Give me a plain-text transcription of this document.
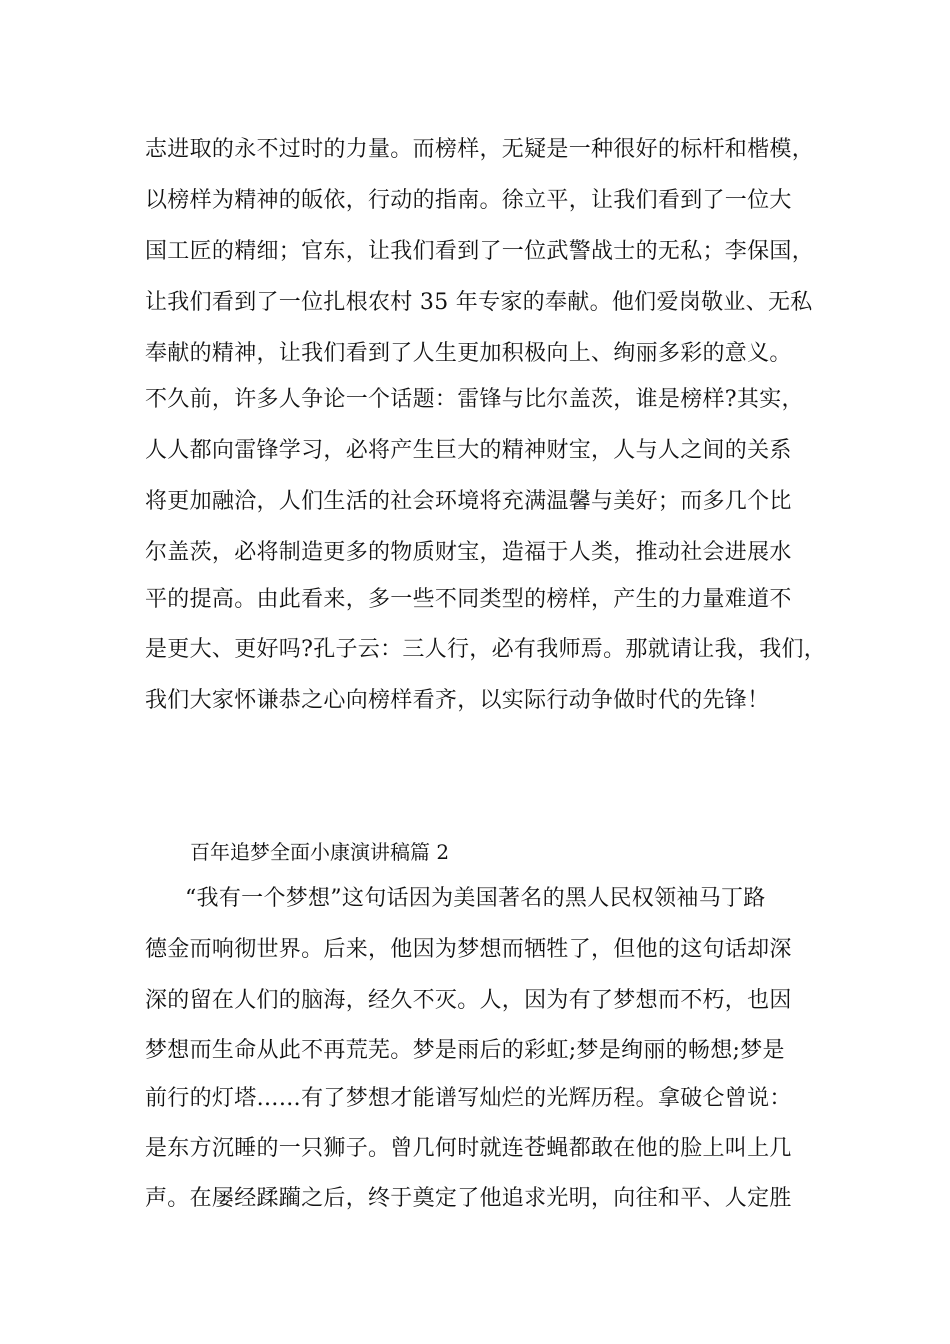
志进取的永不过时的力量。而榜样，无疑是一种很好的标杆和楷模，
以榜样为精神的皈依，行动的指南。徐立平，让我们看到了一位大
国工匠的精细；官东，让我们看到了一位武警战士的无私；李保国，
让我们看到了一位扎根农村 35 年专家的奉献。他们爱岗敬业、无私
奉献的精神，让我们看到了人生更加积极向上、绚丽多彩的意义。
不久前，许多人争论一个话题：雷锋与比尔盖茨，谁是榜样?其实，
人人都向雷锋学习，必将产生巨大的精神财宝，人与人之间的关系
将更加融洽，人们生活的社会环境将充满温馨与美好；而多几个比
尔盖茨，必将制造更多的物质财宝，造福于人类，推动社会进展水
平的提高。由此看来，多一些不同类型的榜样，产生的力量难道不
是更大、更好吗?孔子云：三人行，必有我师焉。那就请让我，我们，
我们大家怀谦恭之心向榜样看齐，以实际行动争做时代的先锋！
百年追梦全面小康演讲稿篇 2
“我有一个梦想”这句话因为美国著名的黑人民权领袖马丁路
德金而响彻世界。后来，他因为梦想而牺牲了，但他的这句话却深
深的留在人们的脑海，经久不灭。人，因为有了梦想而不朽，也因
梦想而生命从此不再荒芜。梦是雨后的彩虹;梦是绚丽的畅想;梦是
前行的灯塔……有了梦想才能谱写灿烂的光辉历程。拿破仑曾说：
是东方沉睡的一只狮子。曾几何时就连苍蝇都敢在他的脸上叫上几
声。在屡经蹂躏之后，终于奠定了他追求光明，向往和平、人定胜
